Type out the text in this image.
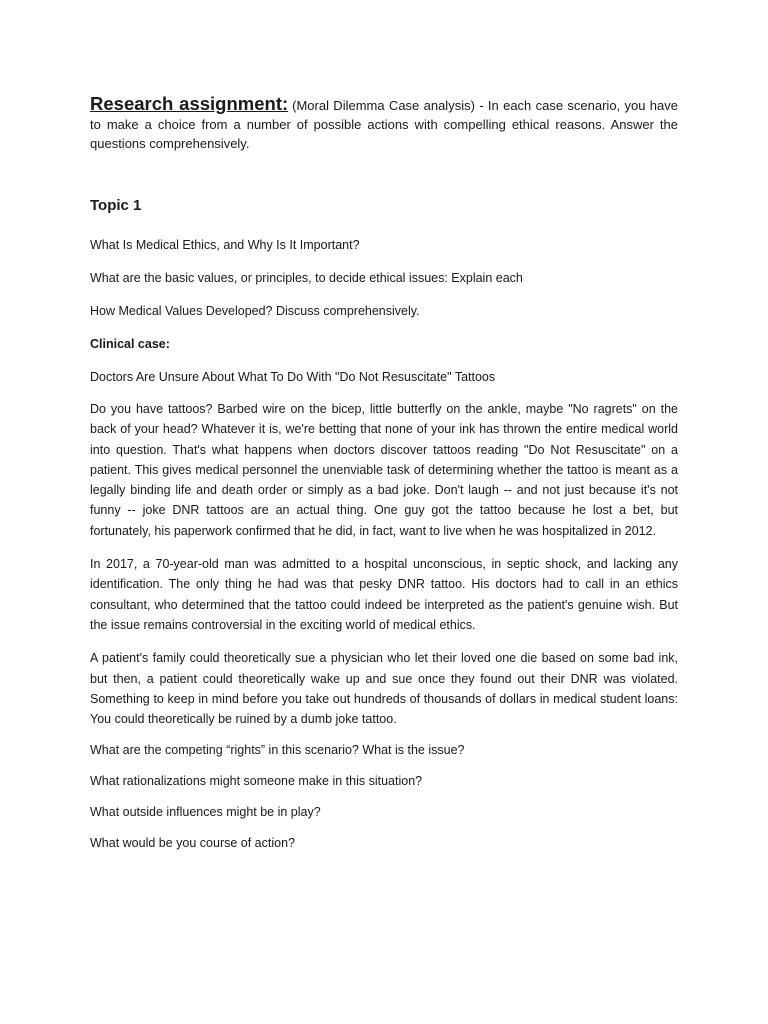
Research assignment: (Moral Dilemma Case analysis) - In each case scenario, you have to make a choice from a number of possible actions with compelling ethical reasons. Answer the questions comprehensively.

Topic 1

What Is Medical Ethics, and Why Is It Important?

What are the basic values, or principles, to decide ethical issues: Explain each

How Medical Values Developed? Discuss comprehensively.

Clinical case:

Doctors Are Unsure About What To Do With "Do Not Resuscitate" Tattoos

Do you have tattoos? Barbed wire on the bicep, little butterfly on the ankle, maybe "No ragrets" on the back of your head? Whatever it is, we're betting that none of your ink has thrown the entire medical world into question. That's what happens when doctors discover tattoos reading "Do Not Resuscitate" on a patient. This gives medical personnel the unenviable task of determining whether the tattoo is meant as a legally binding life and death order or simply as a bad joke. Don't laugh -- and not just because it's not funny -- joke DNR tattoos are an actual thing. One guy got the tattoo because he lost a bet, but fortunately, his paperwork confirmed that he did, in fact, want to live when he was hospitalized in 2012.

In 2017, a 70-year-old man was admitted to a hospital unconscious, in septic shock, and lacking any identification. The only thing he had was that pesky DNR tattoo. His doctors had to call in an ethics consultant, who determined that the tattoo could indeed be interpreted as the patient's genuine wish. But the issue remains controversial in the exciting world of medical ethics.

A patient's family could theoretically sue a physician who let their loved one die based on some bad ink, but then, a patient could theoretically wake up and sue once they found out their DNR was violated. Something to keep in mind before you take out hundreds of thousands of dollars in medical student loans: You could theoretically be ruined by a dumb joke tattoo.

What are the competing “rights” in this scenario? What is the issue?

What rationalizations might someone make in this situation?

What outside influences might be in play?

What would be you course of action?
